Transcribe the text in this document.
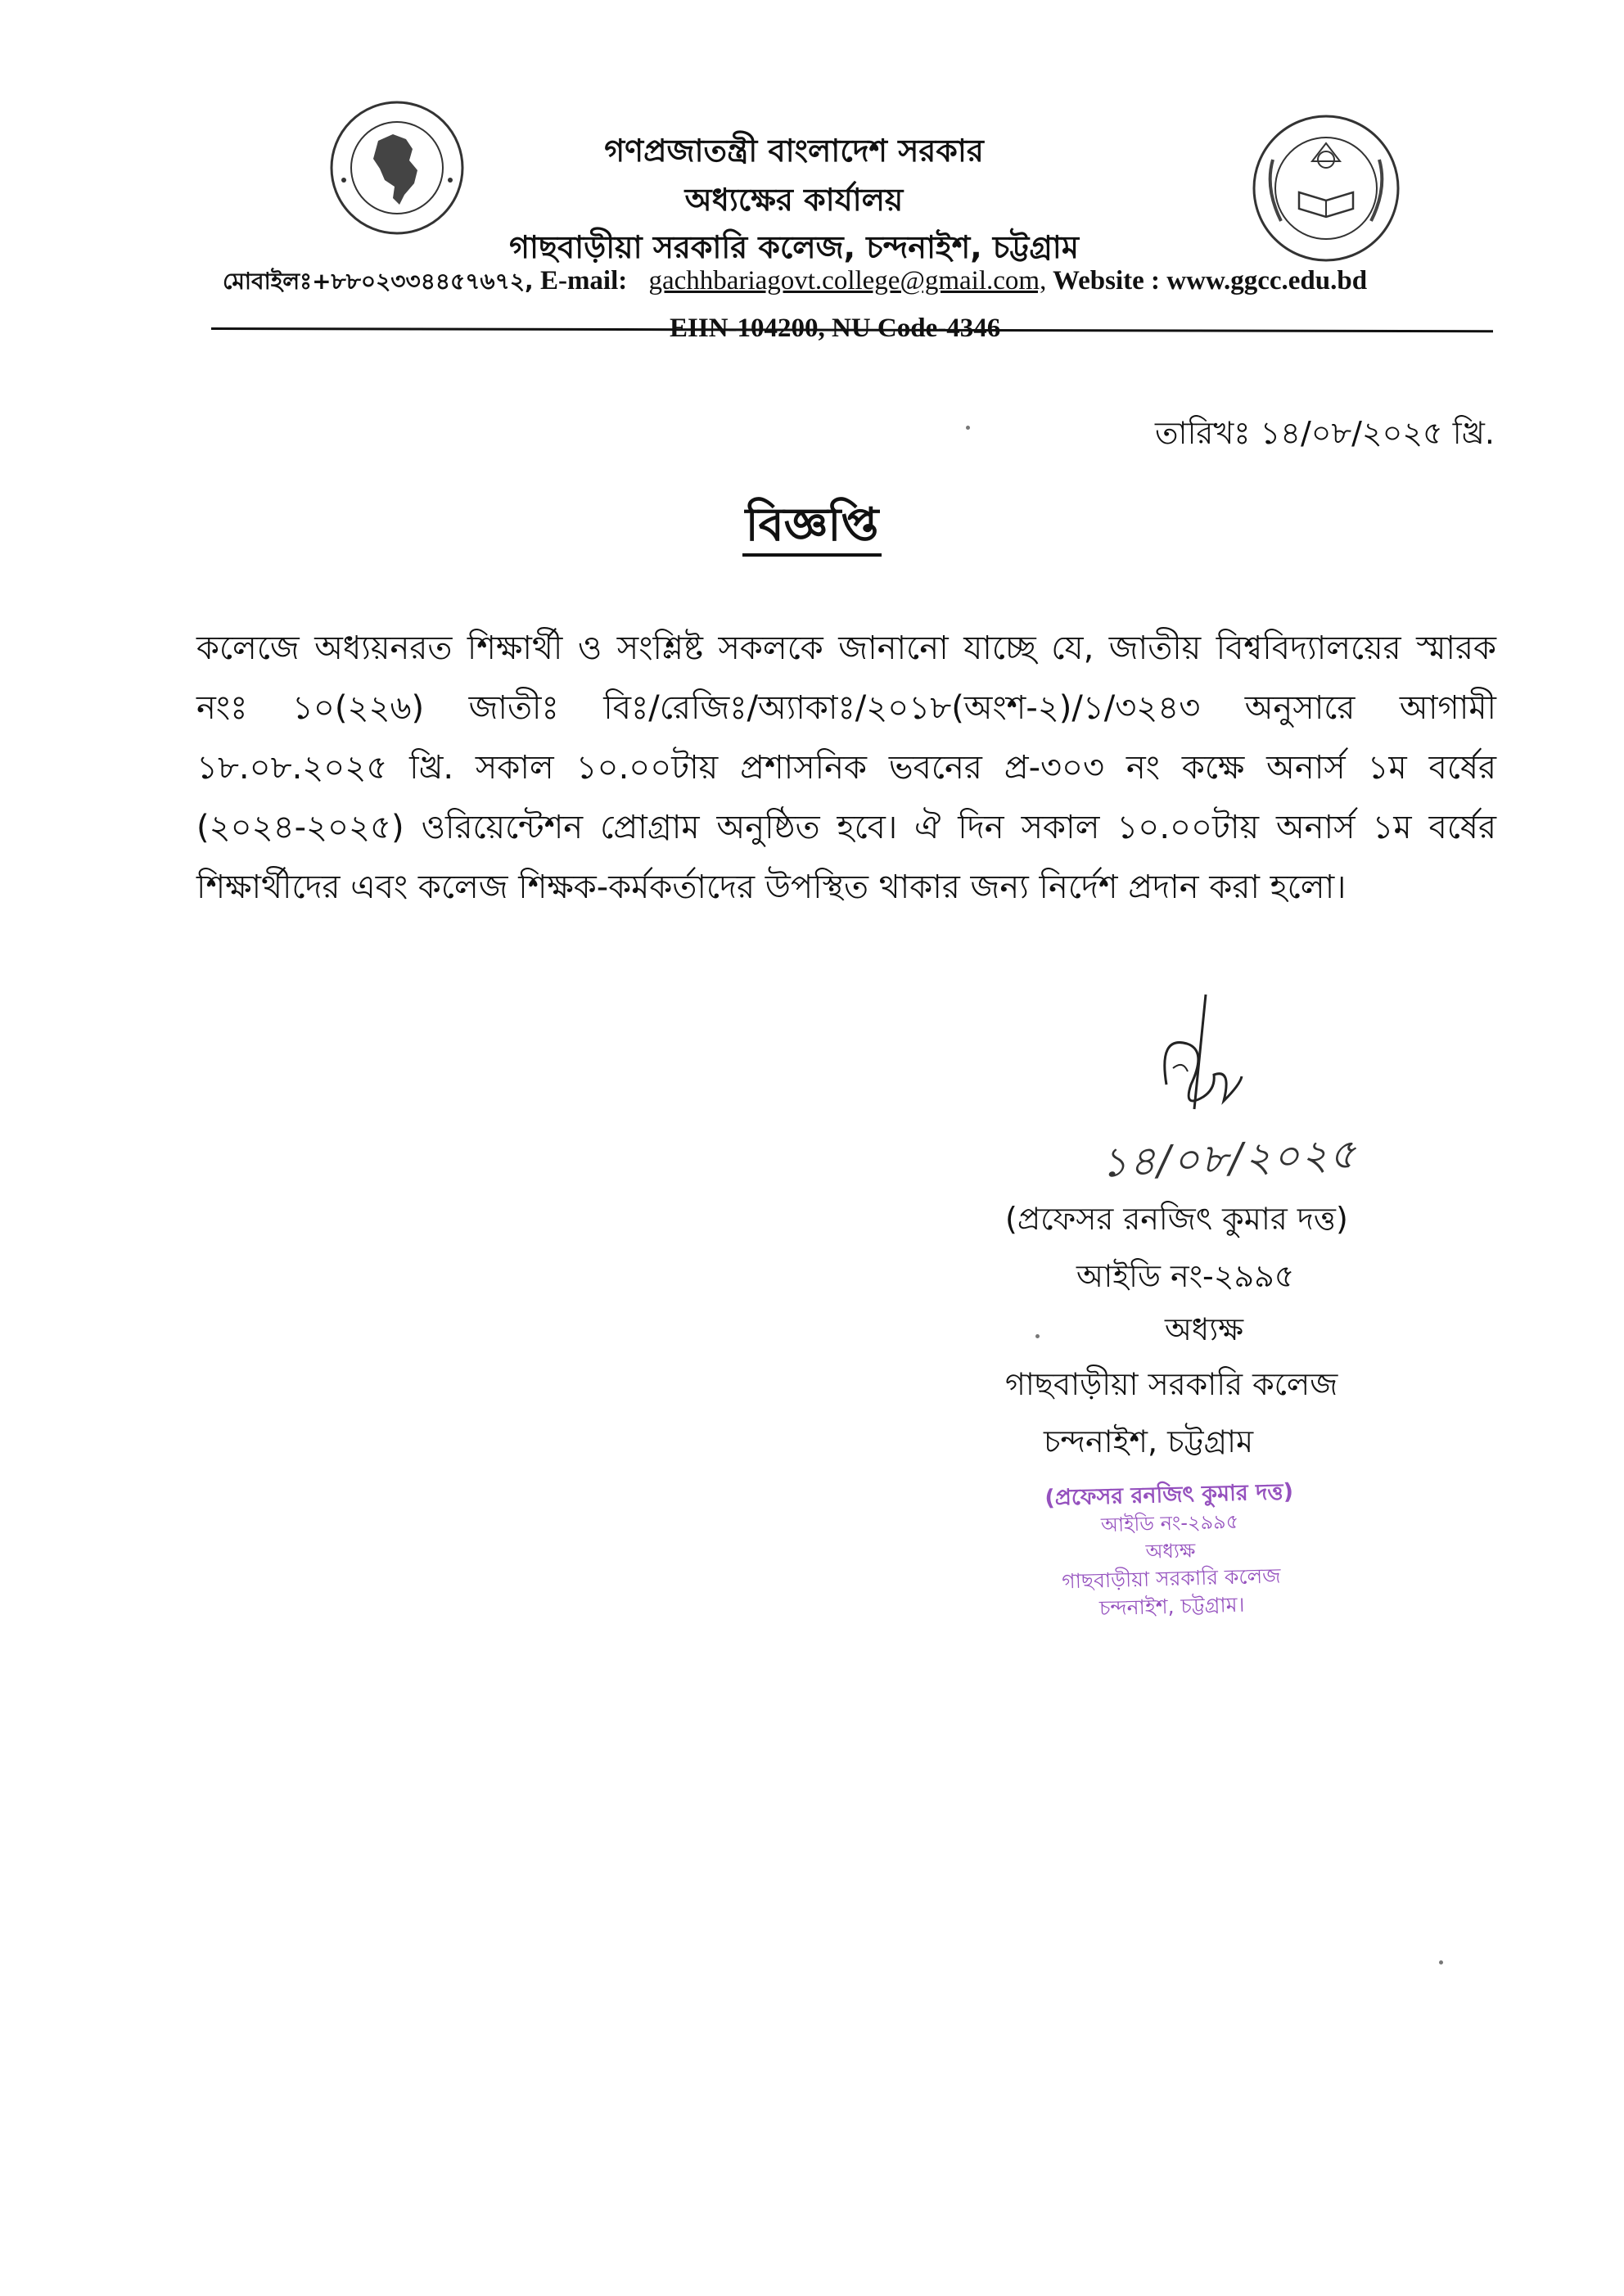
গণপ্রজাতন্ত্রী বাংলাদেশ সরকার
অধ্যক্ষের কার্যালয়
গাছবাড়ীয়া সরকারি কলেজ, চন্দনাইশ, চট্টগ্রাম
মোবাইলঃ+৮৮০২৩৩৪৪৫৭৬৭২, E-mail: gachhbariagovt.college@gmail.com, Website : www.ggcc.edu.bd
EIIN-104200, NU Code-4346
তারিখঃ ১৪/০৮/২০২৫ খ্রি.
বিজ্ঞপ্তি
কলেজে অধ্যয়নরত শিক্ষার্থী ও সংশ্লিষ্ট সকলকে জানানো যাচ্ছে যে, জাতীয় বিশ্ববিদ্যালয়ের স্মারক নংঃ ১০(২২৬) জাতীঃ বিঃ/রেজিঃ/অ্যাকাঃ/২০১৮(অংশ-২)/১/৩২৪৩ অনুসারে আগামী ১৮.০৮.২০২৫ খ্রি. সকাল ১০.০০টায় প্রশাসনিক ভবনের প্র-৩০৩ নং কক্ষে অনার্স ১ম বর্ষের (২০২৪-২০২৫) ওরিয়েন্টেশন প্রোগ্রাম অনুষ্ঠিত হবে। ঐ দিন সকাল ১০.০০টায় অনার্স ১ম বর্ষের শিক্ষার্থীদের এবং কলেজ শিক্ষক-কর্মকর্তাদের উপস্থিত থাকার জন্য নির্দেশ প্রদান করা হলো।
১৪/০৮/২০২৫
(প্রফেসর রনজিৎ কুমার দত্ত)
আইডি নং-২৯৯৫
অধ্যক্ষ
গাছবাড়ীয়া সরকারি কলেজ
চন্দনাইশ, চট্টগ্রাম
(প্রফেসর রনজিৎ কুমার দত্ত)
আইডি নং-২৯৯৫
অধ্যক্ষ
গাছবাড়ীয়া সরকারি কলেজ
চন্দনাইশ, চট্টগ্রাম।
